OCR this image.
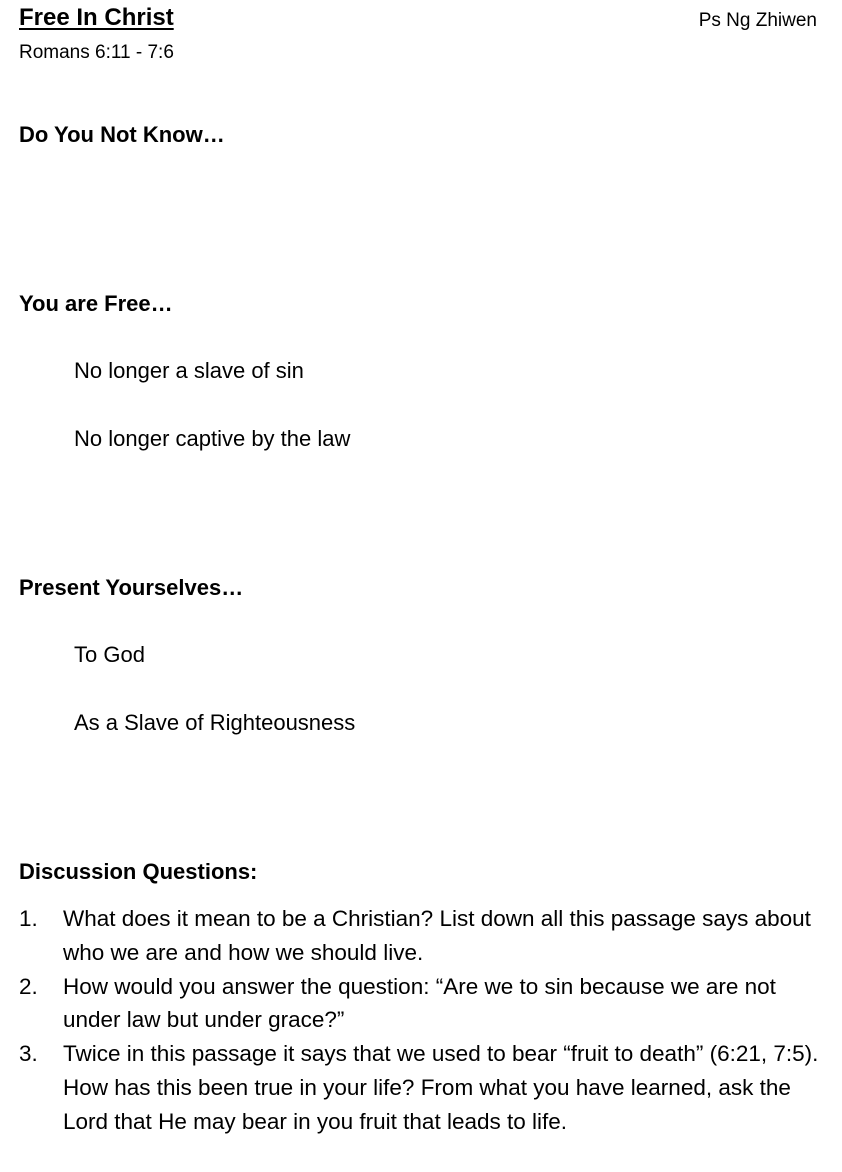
Free In Christ	Ps Ng Zhiwen
Romans 6:11 - 7:6
Do You Not Know…
You are Free…
No longer a slave of sin
No longer captive by the law
Present Yourselves…
To God
As a Slave of Righteousness
Discussion Questions:
1.	What does it mean to be a Christian? List down all this passage says about who we are and how we should live.
2.	How would you answer the question: “Are we to sin because we are not under law but under grace?”
3.	Twice in this passage it says that we used to bear “fruit to death” (6:21, 7:5). How has this been true in your life? From what you have learned, ask the Lord that He may bear in you fruit that leads to life.
